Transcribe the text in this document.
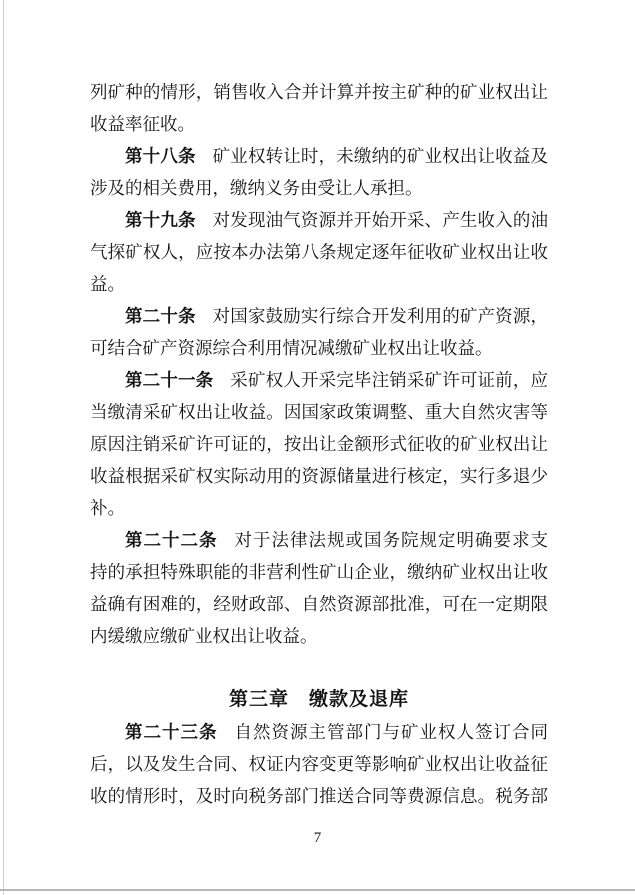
列矿种的情形，销售收入合并计算并按主矿种的矿业权出让
收益率征收。
第十八条 矿业权转让时，未缴纳的矿业权出让收益及
涉及的相关费用，缴纳义务由受让人承担。
第十九条 对发现油气资源并开始开采、产生收入的油
气探矿权人，应按本办法第八条规定逐年征收矿业权出让收
益。
第二十条 对国家鼓励实行综合开发利用的矿产资源，
可结合矿产资源综合利用情况减缴矿业权出让收益。
第二十一条 采矿权人开采完毕注销采矿许可证前，应
当缴清采矿权出让收益。因国家政策调整、重大自然灾害等
原因注销采矿许可证的，按出让金额形式征收的矿业权出让
收益根据采矿权实际动用的资源储量进行核定，实行多退少
补。
第二十二条 对于法律法规或国务院规定明确要求支
持的承担特殊职能的非营利性矿山企业，缴纳矿业权出让收
益确有困难的，经财政部、自然资源部批准，可在一定期限
内缓缴应缴矿业权出让收益。
第三章　缴款及退库
第二十三条 自然资源主管部门与矿业权人签订合同
后，以及发生合同、权证内容变更等影响矿业权出让收益征
收的情形时，及时向税务部门推送合同等费源信息。税务部
7
